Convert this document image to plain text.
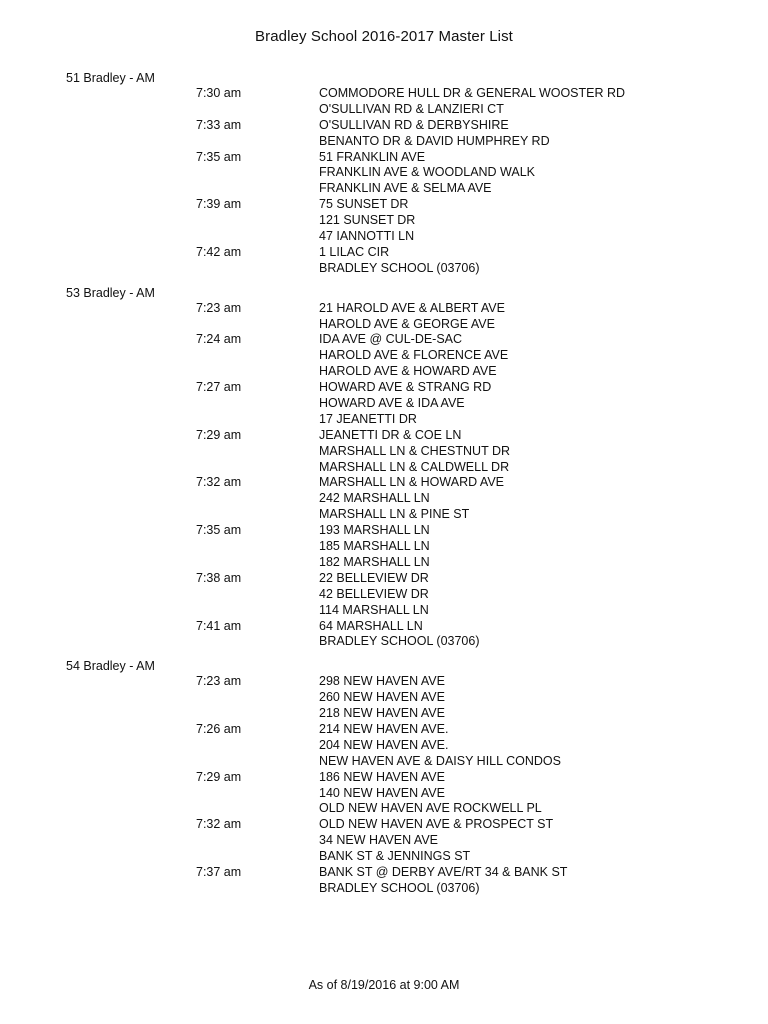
Bradley School 2016-2017 Master List
51 Bradley - AM
7:30 am	COMMODORE HULL DR & GENERAL WOOSTER RD
O'SULLIVAN RD & LANZIERI CT
7:33 am	O'SULLIVAN RD & DERBYSHIRE
BENANTO DR & DAVID HUMPHREY RD
7:35 am	51 FRANKLIN AVE
FRANKLIN AVE & WOODLAND WALK
FRANKLIN AVE & SELMA AVE
7:39 am	75 SUNSET DR
121 SUNSET DR
47 IANNOTTI LN
7:42 am	1 LILAC CIR
BRADLEY SCHOOL (03706)
53 Bradley - AM
7:23 am	21 HAROLD AVE & ALBERT AVE
HAROLD AVE & GEORGE AVE
7:24 am	IDA AVE @ CUL-DE-SAC
HAROLD AVE & FLORENCE AVE
HAROLD AVE & HOWARD AVE
7:27 am	HOWARD AVE & STRANG RD
HOWARD AVE & IDA AVE
17 JEANETTI DR
7:29 am	JEANETTI DR & COE LN
MARSHALL LN & CHESTNUT DR
MARSHALL LN & CALDWELL DR
7:32 am	MARSHALL LN & HOWARD AVE
242 MARSHALL LN
MARSHALL LN & PINE ST
7:35 am	193 MARSHALL LN
185 MARSHALL LN
182 MARSHALL LN
7:38 am	22 BELLEVIEW DR
42 BELLEVIEW DR
114 MARSHALL LN
7:41 am	64 MARSHALL LN
BRADLEY SCHOOL (03706)
54 Bradley - AM
7:23 am	298 NEW HAVEN AVE
260 NEW HAVEN AVE
218 NEW HAVEN AVE
7:26 am	214 NEW HAVEN AVE.
204 NEW HAVEN AVE.
NEW HAVEN AVE & DAISY HILL CONDOS
7:29 am	186 NEW HAVEN AVE
140 NEW HAVEN AVE
OLD NEW HAVEN AVE ROCKWELL PL
7:32 am	OLD NEW HAVEN AVE & PROSPECT ST
34 NEW HAVEN AVE
BANK ST & JENNINGS ST
7:37 am	BANK ST @ DERBY AVE/RT 34 & BANK ST
BRADLEY SCHOOL (03706)
As of 8/19/2016 at 9:00 AM
